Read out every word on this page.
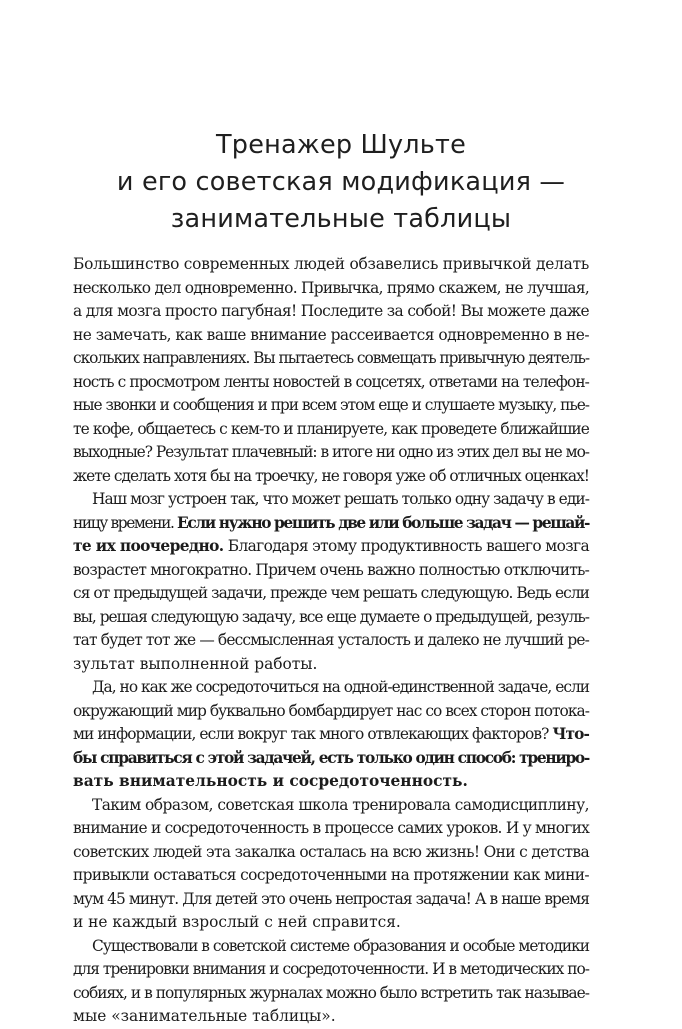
Тренажер Шульте
и его советская модификация —
занимательные таблицы
Большинство современных людей обзавелись привычкой делать
несколько дел одновременно. Привычка, прямо скажем, не лучшая,
а для мозга просто пагубная! Последите за собой! Вы можете даже
не замечать, как ваше внимание рассеивается одновременно в не-
скольких направлениях. Вы пытаетесь совмещать привычную деятель-
ность с просмотром ленты новостей в соцсетях, ответами на телефон-
ные звонки и сообщения и при всем этом еще и слушаете музыку, пье-
те кофе, общаетесь с кем-то и планируете, как проведете ближайшие
выходные? Результат плачевный: в итоге ни одно из этих дел вы не мо-
жете сделать хотя бы на троечку, не говоря уже об отличных оценках!
Наш мозг устроен так, что может решать только одну задачу в еди-
ницу времени. Если нужно решить две или больше задач — решай-
те их поочередно. Благодаря этому продуктивность вашего мозга
возрастет многократно. Причем очень важно полностью отключить-
ся от предыдущей задачи, прежде чем решать следующую. Ведь если
вы, решая следующую задачу, все еще думаете о предыдущей, резуль-
тат будет тот же — бессмысленная усталость и далеко не лучший ре-
зультат выполненной работы.
Да, но как же сосредоточиться на одной-единственной задаче, если
окружающий мир буквально бомбардирует нас со всех сторон потока-
ми информации, если вокруг так много отвлекающих факторов? Что-
бы справиться с этой задачей, есть только один способ: трениро-
вать внимательность и сосредоточенность.
Таким образом, советская школа тренировала самодисциплину,
внимание и сосредоточенность в процессе самих уроков. И у многих
советских людей эта закалка осталась на всю жизнь! Они с детства
привыкли оставаться сосредоточенными на протяжении как мини-
мум 45 минут. Для детей это очень непростая задача! А в наше время
и не каждый взрослый с ней справится.
Существовали в советской системе образования и особые методики
для тренировки внимания и сосредоточенности. И в методических по-
собиях, и в популярных журналах можно было встретить так называе-
мые «занимательные таблицы».
